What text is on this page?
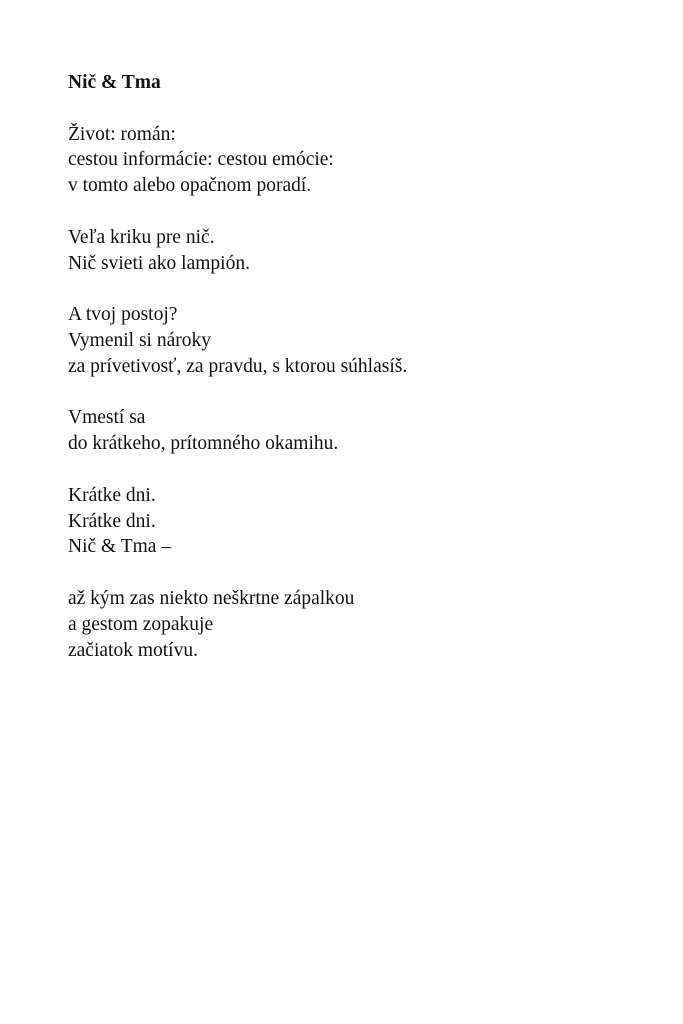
Nič & Tma
Život: román:
cestou informácie: cestou emócie:
v tomto alebo opačnom poradí.
Veľa kriku pre nič.
Nič svieti ako lampión.
A tvoj postoj?
Vymenil si nároky
za prívetivosť, za pravdu, s ktorou súhlasíš.
Vmestí sa
do krátkeho, prítomného okamihu.
Krátke dni.
Krátke dni.
Nič & Tma –
až kým zas niekto neškrtne zápalkou
a gestom zopakuje
začiatok motívu.
